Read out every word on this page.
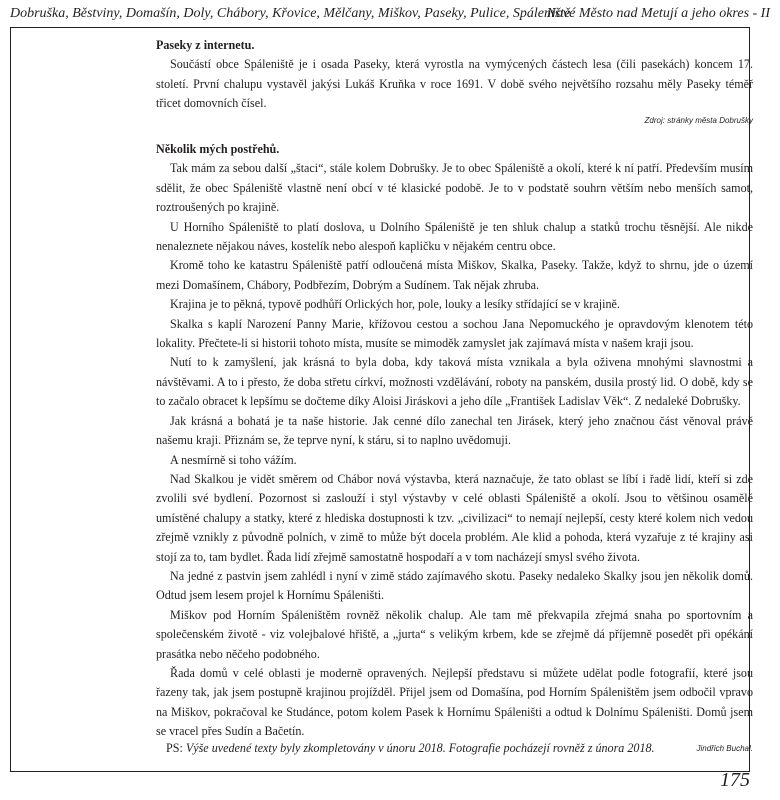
Dobruška, Běstviny, Domašín, Doly, Chábory, Křovice, Mělčany, Miškov, Paseky, Pulice, Spáleniště
Nové Město nad Metují a jeho okres - II
Paseky z internetu.

Součástí obce Spáleniště je i osada Paseky, která vyrostla na vymýcených částech lesa (čili pasekách) koncem 17. století. První chalupu vystavěl jakýsi Lukáš Kruňka v roce 1691. V době svého největšího rozsahu měly Paseky téměř třicet domovních čísel.

Zdroj: stránky města Dobrušky
Několik mých postřehů.

Tak mám za sebou další „štaci“, stále kolem Dobrušky. Je to obec Spáleniště a okolí, které k ní patří. Především musím sdělit, že obec Spáleniště vlastně není obcí v té klasické podobě. Je to v podstatě souhrn větším nebo menších samot, roztroušených po krajině.

U Horního Spáleniště to platí doslova, u Dolního Spáleniště je ten shluk chalup a statků trochu těsnější. Ale nikde nenaleznete nějakou náves, kostelík nebo alespoň kapličku v nějakém centru obce.

Kromě toho ke katastru Spáleniště patří odloučená místa Miškov, Skalka, Paseky. Takže, když to shrnu, jde o území mezi Domašínem, Chábory, Podbřezím, Dobrým a Sudínem. Tak nějak zhruba.

Krajina je to pěkná, typově podhůří Orlických hor, pole, louky a lesíky střídající se v krajině.

Skalka s kaplí Narození Panny Marie, křížovou cestou a sochou Jana Nepomuckého je opravdovým klenotem této lokality. Přečtete-li si historii tohoto místa, musíte se mimoděk zamyslet jak zajímavá místa v našem kraji jsou.

Nutí to k zamyšlení, jak krásná to byla doba, kdy taková místa vznikala a byla oživena mnohými slavnostmi a návštěvami. A to i přesto, že doba střetu církví, možnosti vzdělávání, roboty na panském, dusila prostý lid. O době, kdy se to začalo obracet k lepšímu se dočteme díky Aloisi Jiráskovi a jeho díle „František Ladislav Věk“. Z nedaleké Dobrušky.

Jak krásná a bohatá je ta naše historie. Jak cenné dílo zanechal ten Jirásek, který jeho značnou část věnoval právě našemu kraji. Přiznám se, že teprve nyní, k stáru, si to naplno uvědomuji.

A nesmírně si toho vážím.

Nad Skalkou je vidět směrem od Chábor nová výstavba, která naznačuje, že tato oblast se líbí i řadě lidí, kteří si zde zvolili své bydlení. Pozornost si zaslouží i styl výstavby v celé oblasti Spáleniště a okolí. Jsou to většinou osamělé umístěné chalupy a statky, které z hlediska dostupnosti k tzv. „civilizaci“ to nemají nejlepší, cesty které kolem nich vedou zřejmě vznikly z původně polních, v zimě to může být docela problém. Ale klid a pohoda, která vyzařuje z té krajiny asi stojí za to, tam bydlet. Řada lidí zřejmě samostatně hospodaří a v tom nacházejí smysl svého života.

Na jedné z pastvin jsem zahlédl i nyní v zimě stádo zajímavého skotu. Paseky nedaleko Skalky jsou jen několik domů. Odtud jsem lesem projel k Hornímu Spáleništi.

Miškov pod Horním Spáleništěm rovněž několik chalup. Ale tam mě překvapila zřejmá snaha po sportovním a společenském životě - viz volejbalové hřiště, a „jurta“ s velikým krbem, kde se zřejmě dá příjemně posedět při opékání prasátka nebo něčeho podobného.

Řada domů v celé oblasti je moderně opravených. Nejlepší představu si můžete udělat podle fotografií, které jsou řazeny tak, jak jsem postupně krajinou projížděl. Přijel jsem od Domašína, pod Horním Spáleništěm jsem odbočil vpravo na Miškov, pokračoval ke Studánce, potom kolem Pasek k Hornímu Spáleništi a odtud k Dolnímu Spáleništi. Domů jsem se vracel přes Sudín a Bačetín.

Jindřich Buchal.
PS: Výše uvedené texty byly zkompletovány v únoru 2018. Fotografie pocházejí rovněž z února 2018.
175
